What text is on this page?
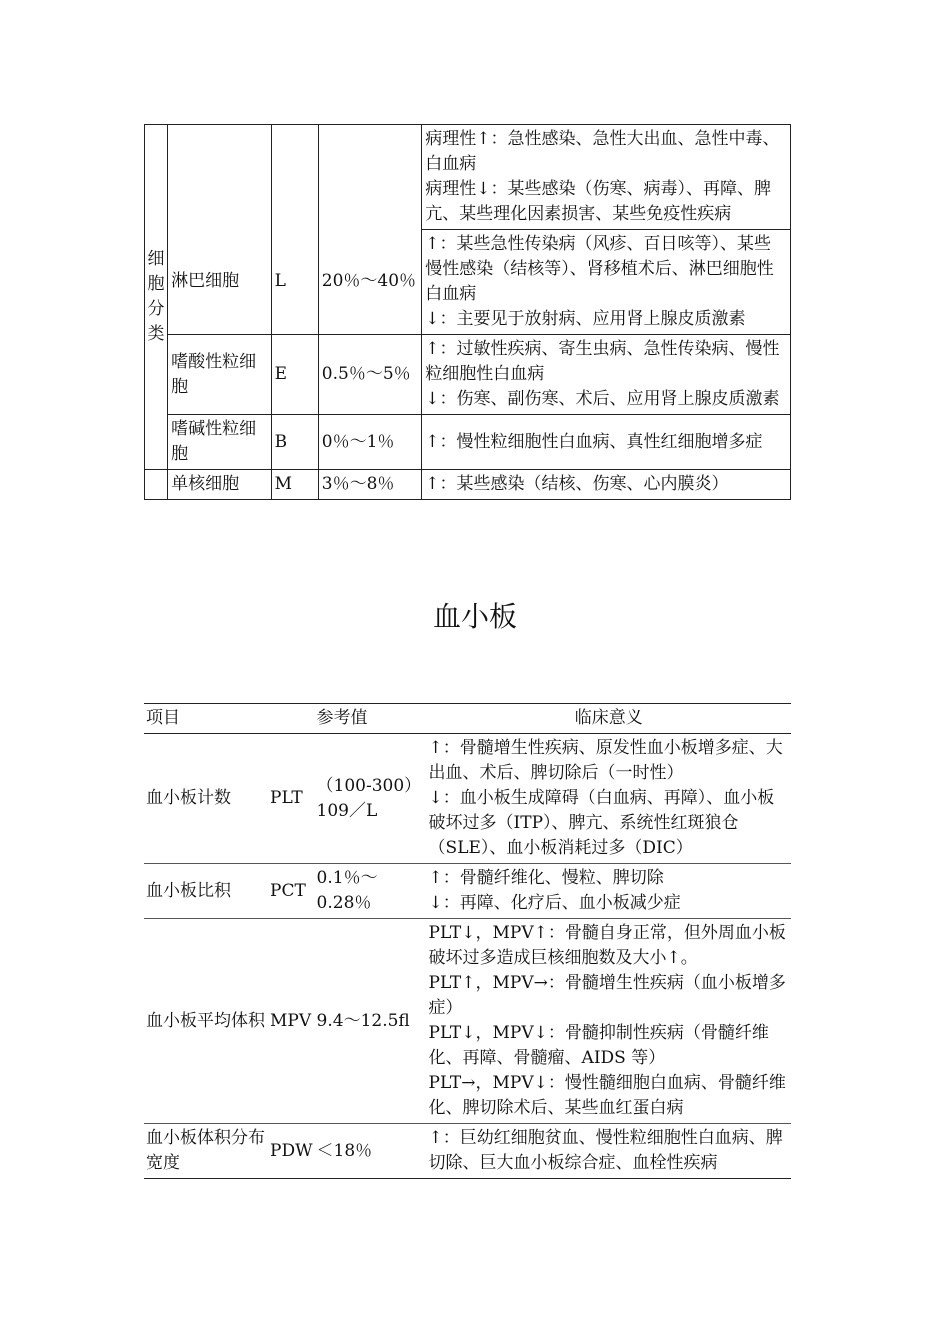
细胞分类				病理性↑：急性感染、急性大出血、急性中毒、白血病
病理性↓：某些感染（伤寒、病毒）、再障、脾亢、某些理化因素损害、某些免疫性疾病

	淋巴细胞	L	20％～40％	↑：某些急性传染病（风疹、百日咳等）、某些慢性感染（结核等）、肾移植术后、淋巴细胞性白血病
↓：主要见于放射病、应用肾上腺皮质激素

	嗜酸性粒细胞	E	0.5％～5％	↑：过敏性疾病、寄生虫病、急性传染病、慢性粒细胞性白血病
↓：伤寒、副伤寒、术后、应用肾上腺皮质激素

	嗜碱性粒细胞	B	0％～1％	↑：慢性粒细胞性白血病、真性红细胞增多症

	单核细胞	M	3％～8％	↑：某些感染（结核、伤寒、心内膜炎）
血小板
项目		参考值	临床意义
血小板计数	PLT	（100-300）109／L	↑：骨髓增生性疾病、原发性血小板增多症、大出血、术后、脾切除后（一时性）
↓：血小板生成障碍（白血病、再障）、血小板破坏过多（ITP）、脾亢、系统性红斑狼仓（SLE）、血小板消耗过多（DIC）

血小板比积	PCT	0.1％～0.28％	↑：骨髓纤维化、慢粒、脾切除
↓：再障、化疗后、血小板减少症

血小板平均体积	MPV	9.4～12.5fl	PLT↓，MPV↑：骨髓自身正常，但外周血小板破坏过多造成巨核细胞数及大小↑。
PLT↑，MPV→：骨髓增生性疾病（血小板增多症）
PLT↓，MPV↓：骨髓抑制性疾病（骨髓纤维化、再障、骨髓瘤、AIDS 等）
PLT→，MPV↓：慢性髓细胞白血病、骨髓纤维化、脾切除术后、某些血红蛋白病

血小板体积分布宽度	PDW	＜18％	↑：巨幼红细胞贫血、慢性粒细胞性白血病、脾切除、巨大血小板综合症、血栓性疾病
